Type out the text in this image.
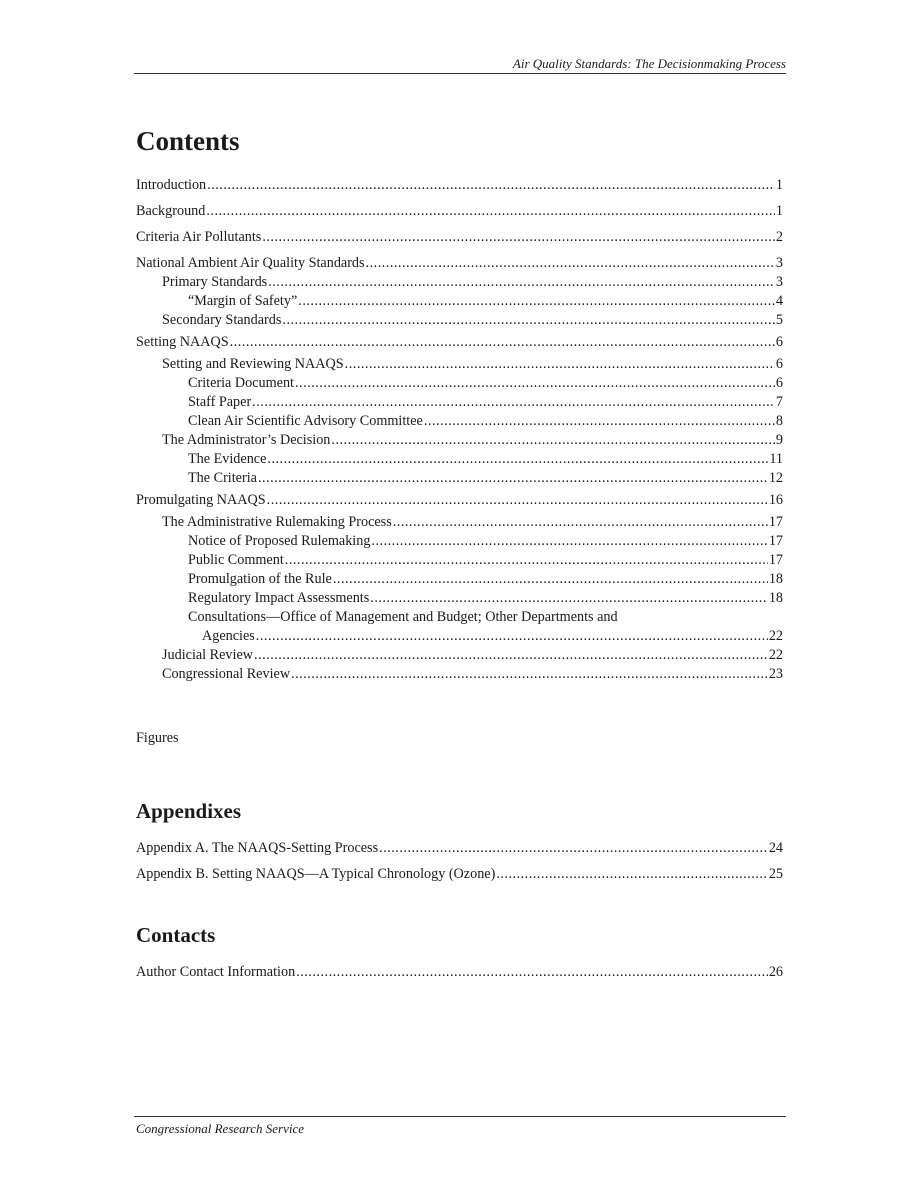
Air Quality Standards: The Decisionmaking Process
Contents
Introduction .....	1
Background .....	1
Criteria Air Pollutants .....	2
National Ambient Air Quality Standards .....	3
Primary Standards .....	3
“Margin of Safety” .....	4
Secondary Standards .....	5
Setting NAAQS .....	6
Setting and Reviewing NAAQS .....	6
Criteria Document .....	6
Staff Paper .....	7
Clean Air Scientific Advisory Committee .....	8
The Administrator’s Decision .....	9
The Evidence .....	11
The Criteria .....	12
Promulgating NAAQS .....	16
The Administrative Rulemaking Process .....	17
Notice of Proposed Rulemaking .....	17
Public Comment .....	17
Promulgation of the Rule .....	18
Regulatory Impact Assessments .....	18
Consultations—Office of Management and Budget; Other Departments and
Agencies .....	22
Judicial Review .....	22
Congressional Review .....	23
Figures
Appendixes
Appendix A. The NAAQS-Setting Process .....	24
Appendix B. Setting NAAQS—A Typical Chronology (Ozone) .....	25
Contacts
Author Contact Information .....	26
Congressional Research Service
